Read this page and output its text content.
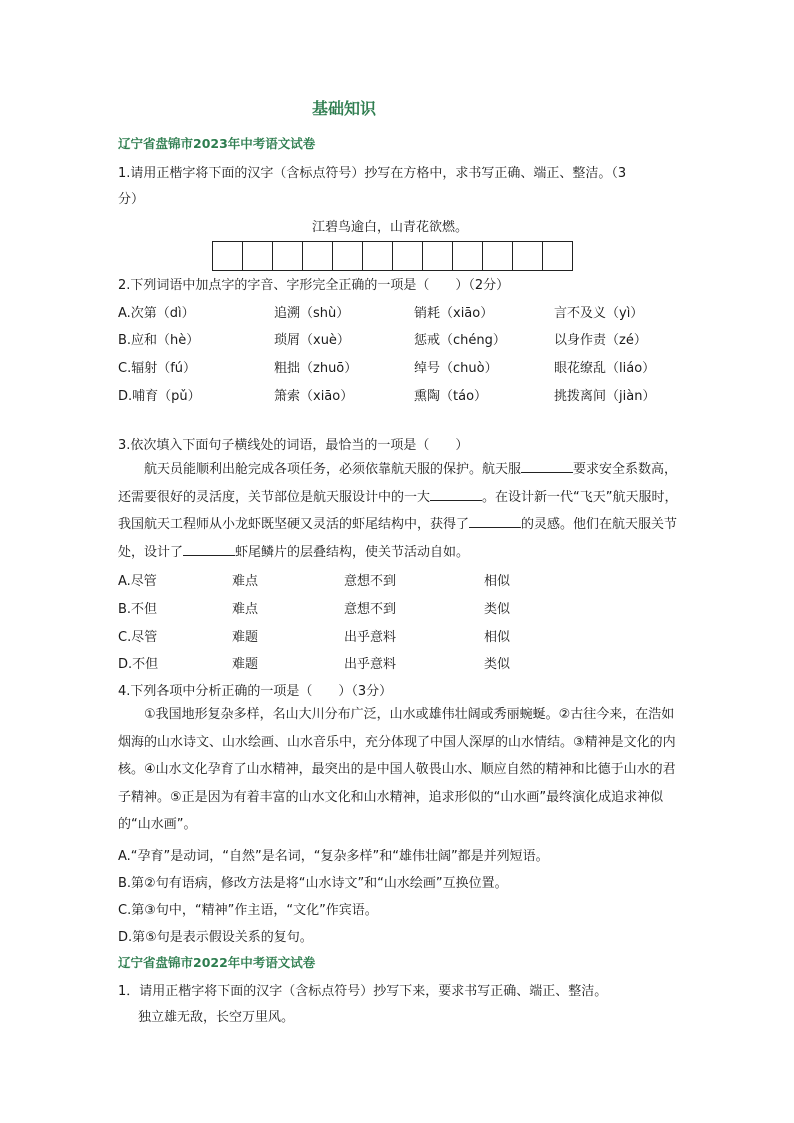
基础知识
辽宁省盘锦市2023年中考语文试卷
1.请用正楷字将下面的汉字（含标点符号）抄写在方格中，求书写正确、端正、整洁。（3
分）
江碧鸟逾白，山青花欲燃。
2.下列词语中加点字的字音、字形完全正确的一项是（　　）（2分）
A.次第（dì）	追溯（shù）	销耗（xiāo）	言不及义（yì）
B.应和（hè）	琐屑（xuè）	惩戒（chéng）	以身作责（zé）
C.辐射（fú）	粗拙（zhuō）	绰号（chuò）	眼花缭乱（liáo）
D.哺育（pǔ）	箫索（xiāo）	熏陶（táo）	挑拨离间（jiàn）
3.依次填入下面句子横线处的词语，最恰当的一项是（　　）
航天员能顺利出舱完成各项任务，必须依靠航天服的保护。航天服	要求安全系数高，还需要很好的灵活度，关节部位是航天服设计中的一大	。在设计新一代“飞天”航天服时，我国航天工程师从小龙虾既坚硬又灵活的虾尾结构中，获得了	的灵感。他们在航天服关节处，设计了	虾尾鳞片的层叠结构，使关节活动自如。
A.尽管	难点	意想不到	相似
B.不但	难点	意想不到	类似
C.尽管	难题	出乎意料	相似
D.不但	难题	出乎意料	类似
4.下列各项中分析正确的一项是（　　）（3分）
①我国地形复杂多样，名山大川分布广泛，山水或雄伟壮阔或秀丽蜿蜒。②古往今来，在浩如烟海的山水诗文、山水绘画、山水音乐中，充分体现了中国人深厚的山水情结。③精神是文化的内核。④山水文化孕育了山水精神，最突出的是中国人敬畏山水、顺应自然的精神和比德于山水的君子精神。⑤正是因为有着丰富的山水文化和山水精神，追求形似的“山水画”最终演化成追求神似的“山水画”。
A.“孕育”是动词，“自然”是名词，“复杂多样”和“雄伟壮阔”都是并列短语。
B.第②句有语病，修改方法是将“山水诗文”和“山水绘画”互换位置。
C.第③句中，“精神”作主语，“文化”作宾语。
D.第⑤句是表示假设关系的复句。
辽宁省盘锦市2022年中考语文试卷
1．请用正楷字将下面的汉字（含标点符号）抄写下来，要求书写正确、端正、整洁。
独立雄无敌，长空万里风。
